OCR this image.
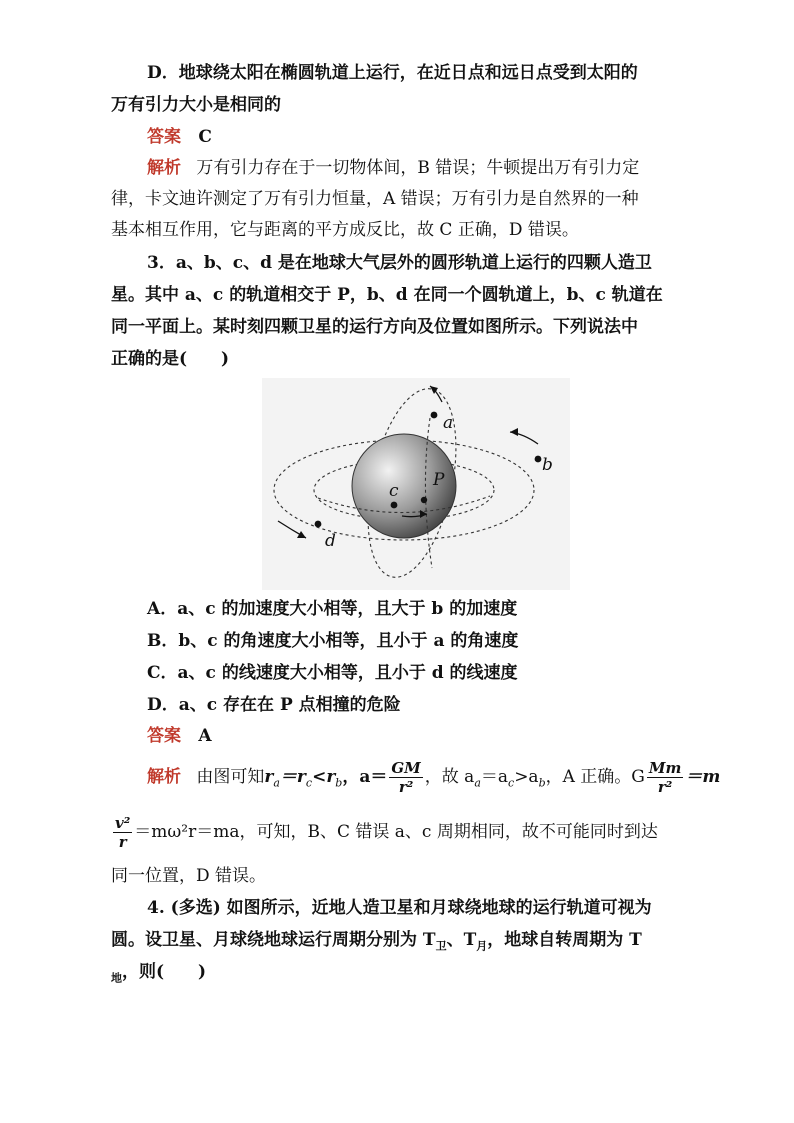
D．地球绕太阳在椭圆轨道上运行，在近日点和远日点受到太阳的
万有引力大小是相同的
答案 C
解析 万有引力存在于一切物体间，B 错误；牛顿提出万有引力定
律，卡文迪许测定了万有引力恒量，A 错误；万有引力是自然界的一种
基本相互作用，它与距离的平方成反比，故 C 正确，D 错误。
3．a、b、c、d 是在地球大气层外的圆形轨道上运行的四颗人造卫
星。其中 a、c 的轨道相交于 P，b、d 在同一个圆轨道上，b、c 轨道在
同一平面上。某时刻四颗卫星的运行方向及位置如图所示。下列说法中
正确的是(　　)
a
b
c
d
P
A．a、c 的加速度大小相等，且大于 b 的加速度
B．b、c 的角速度大小相等，且小于 a 的角速度
C．a、c 的线速度大小相等，且小于 d 的线速度
D．a、c 存在在 P 点相撞的危险
答案 A
解析 由图可知$r_a=r_c<r_b$，$a= \frac{GM}{\text{r²}}$ ，故 $a_a=a_c>a_b$，A 正确。G $\frac{Mm}{\text{r²}} =m$
$\frac{\text{v²}}{r} =m\omega^2r=ma$，可知，B、C 错误 a、c 周期相同，故不可能同时到达
同一位置，D 错误。
4. (多选) 如图所示，近地人造卫星和月球绕地球的运行轨道可视为
圆。设卫星、月球绕地球运行周期分别为 $T_卫$、$T_月$，地球自转周期为 T
$_地$，则(　　)
